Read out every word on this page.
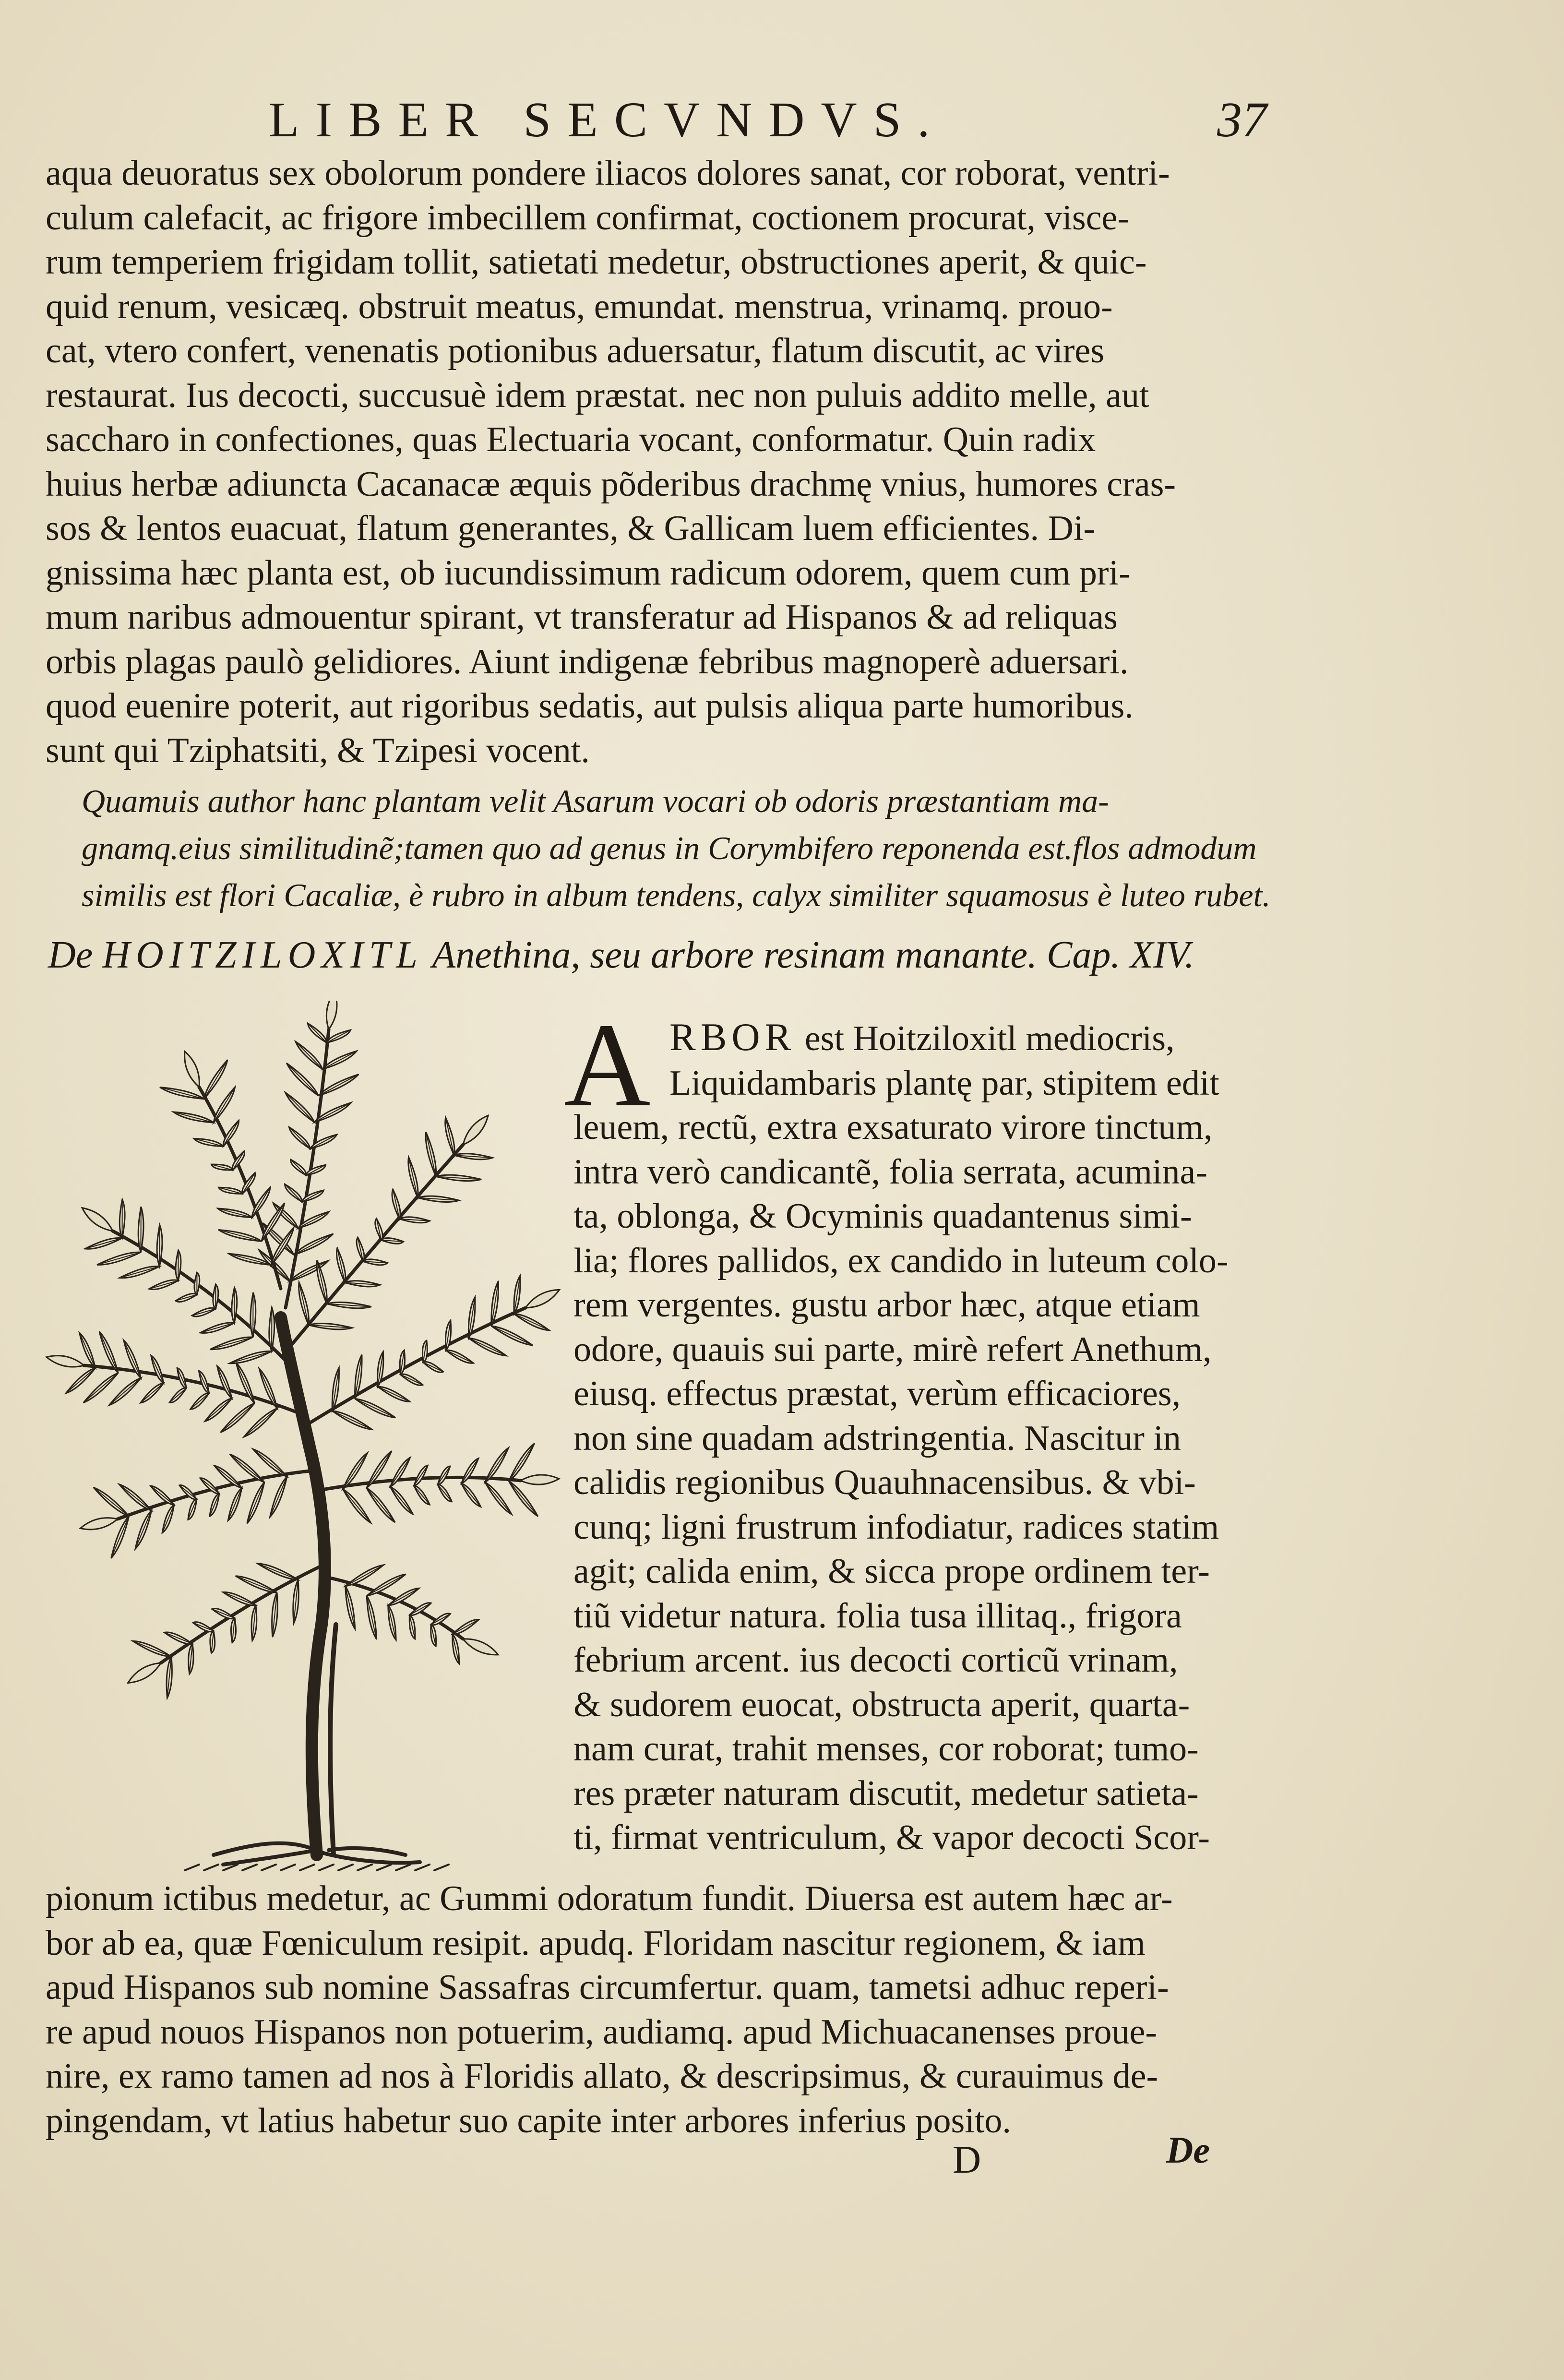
LIBER SECVNDVS.	37
aqua deuoratus sex obolorum pondere iliacos dolores sanat, cor roborat, ventri-
culum calefacit, ac frigore imbecillem confirmat, coctionem procurat, visce-
rum temperiem frigidam tollit, satietati medetur, obstructiones aperit, & quic-
quid renum, vesicæq. obstruit meatus, emundat. menstrua, vrinamq. prouo-
cat, vtero confert, venenatis potionibus aduersatur, flatum discutit, ac vires
restaurat. Ius decocti, succusuè idem præstat. nec non puluis addito melle, aut
saccharo in confectiones, quas Electuaria vocant, conformatur. Quin radix
huius herbæ adiuncta Cacanacæ æquis põderibus drachmę vnius, humores cras-
sos & lentos euacuat, flatum generantes, & Gallicam luem efficientes. Di-
gnissima hæc planta est, ob iucundissimum radicum odorem, quem cum pri-
mum naribus admouentur spirant, vt transferatur ad Hispanos & ad reliquas
orbis plagas paulò gelidiores. Aiunt indigenæ febribus magnoperè aduersari.
quod euenire poterit, aut rigoribus sedatis, aut pulsis aliqua parte humoribus.
sunt qui Tziphatsiti, & Tzipesi vocent.
Quamuis author hanc plantam velit Asarum vocari ob odoris præstantiam ma-
gnamq.eius similitudinẽ;tamen quo ad genus in Corymbifero reponenda est.flos admodum
similis est flori Cacaliæ, è rubro in album tendens, calyx similiter squamosus è luteo rubet.
De HOITZILOXITL Anethina, seu arbore resinam manante. Cap. XIV.
A RBOR est Hoitziloxitl mediocris,
Liquidambaris plantę par, stipitem edit
leuem, rectũ, extra exsaturato virore tinctum,
intra verò candicantẽ, folia serrata, acumina-
ta, oblonga, & Ocyminis quadantenus simi-
lia; flores pallidos, ex candido in luteum colo-
rem vergentes. gustu arbor hæc, atque etiam
odore, quauis sui parte, mirè refert Anethum,
eiusq. effectus præstat, verùm efficaciores,
non sine quadam adstringentia. Nascitur in
calidis regionibus Quauhnacensibus. & vbi-
cunq; ligni frustrum infodiatur, radices statim
agit; calida enim, & sicca prope ordinem ter-
tiũ videtur natura. folia tusa illitaq., frigora
febrium arcent. ius decocti corticũ vrinam,
& sudorem euocat, obstructa aperit, quarta-
nam curat, trahit menses, cor roborat; tumo-
res præter naturam discutit, medetur satieta-
ti, firmat ventriculum, & vapor decocti Scor-
pionum ictibus medetur, ac Gummi odoratum fundit. Diuersa est autem hæc ar-
bor ab ea, quæ Fœniculum resipit. apudq. Floridam nascitur regionem, & iam
apud Hispanos sub nomine Sassafras circumfertur. quam, tametsi adhuc reperi-
re apud nouos Hispanos non potuerim, audiamq. apud Michuacanenses proue-
nire, ex ramo tamen ad nos à Floridis allato, & descripsimus, & curauimus de-
pingendam, vt latius habetur suo capite inter arbores inferius posito.
D	De
